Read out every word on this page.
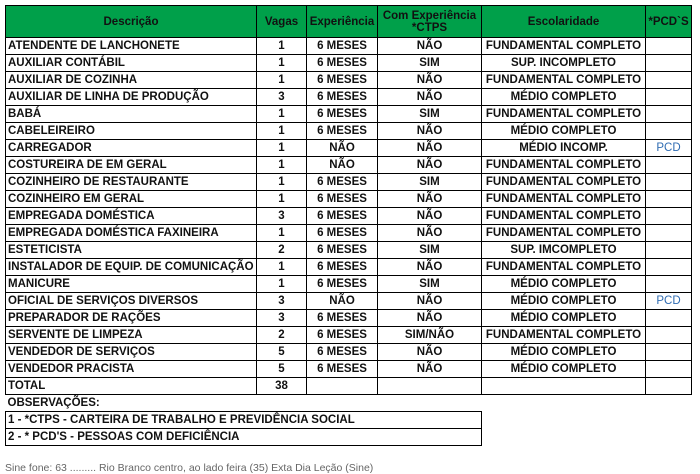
Descrição	Vagas	Experiência	Com Experiência *CTPS	Escolaridade	*PCD`S
ATENDENTE DE LANCHONETE	1	6 MESES	NÃO	FUNDAMENTAL COMPLETO	
AUXILIAR CONTÁBIL	1	6 MESES	SIM	SUP. INCOMPLETO	
AUXILIAR DE COZINHA	1	6 MESES	NÃO	FUNDAMENTAL COMPLETO	
AUXILIAR DE LINHA DE PRODUÇÃO	3	6 MESES	NÃO	MÉDIO COMPLETO	
BABÁ	1	6 MESES	SIM	FUNDAMENTAL COMPLETO	
CABELEIREIRO	1	6 MESES	NÃO	MÉDIO COMPLETO	
CARREGADOR	1	NÃO	NÃO	MÉDIO INCOMP.	PCD
COSTUREIRA DE EM GERAL	1	NÃO	NÃO	FUNDAMENTAL COMPLETO	
COZINHEIRO DE RESTAURANTE	1	6 MESES	SIM	FUNDAMENTAL COMPLETO	
COZINHEIRO EM GERAL	1	6 MESES	NÃO	FUNDAMENTAL COMPLETO	
EMPREGADA DOMÉSTICA	3	6 MESES	NÃO	FUNDAMENTAL COMPLETO	
EMPREGADA DOMÉSTICA FAXINEIRA	1	6 MESES	NÃO	FUNDAMENTAL COMPLETO	
ESTETICISTA	2	6 MESES	SIM	SUP. IMCOMPLETO	
INSTALADOR DE EQUIP. DE COMUNICAÇÃO	1	6 MESES	NÃO	FUNDAMENTAL COMPLETO	
MANICURE	1	6 MESES	SIM	MÉDIO COMPLETO	
OFICIAL DE SERVIÇOS DIVERSOS	3	NÃO	NÃO	MÉDIO COMPLETO	PCD
PREPARADOR DE RAÇÕES	3	6 MESES	NÃO	MÉDIO COMPLETO	
SERVENTE DE LIMPEZA	2	6 MESES	SIM/NÃO	FUNDAMENTAL COMPLETO	
VENDEDOR DE SERVIÇOS	5	6 MESES	NÃO	MÉDIO COMPLETO	
VENDEDOR PRACISTA	5	6 MESES	NÃO	MÉDIO COMPLETO	
TOTAL	38				
OBSERVAÇÕES:					
1 - *CTPS - CARTEIRA DE TRABALHO E PREVIDÊNCIA SOCIAL					
2 - * PCD'S - PESSOAS COM DEFICIÊNCIA					
Sine fone: 63 ......... Rio Branco centro, ao lado feira (35) Exta Dia Leção (Sine)
